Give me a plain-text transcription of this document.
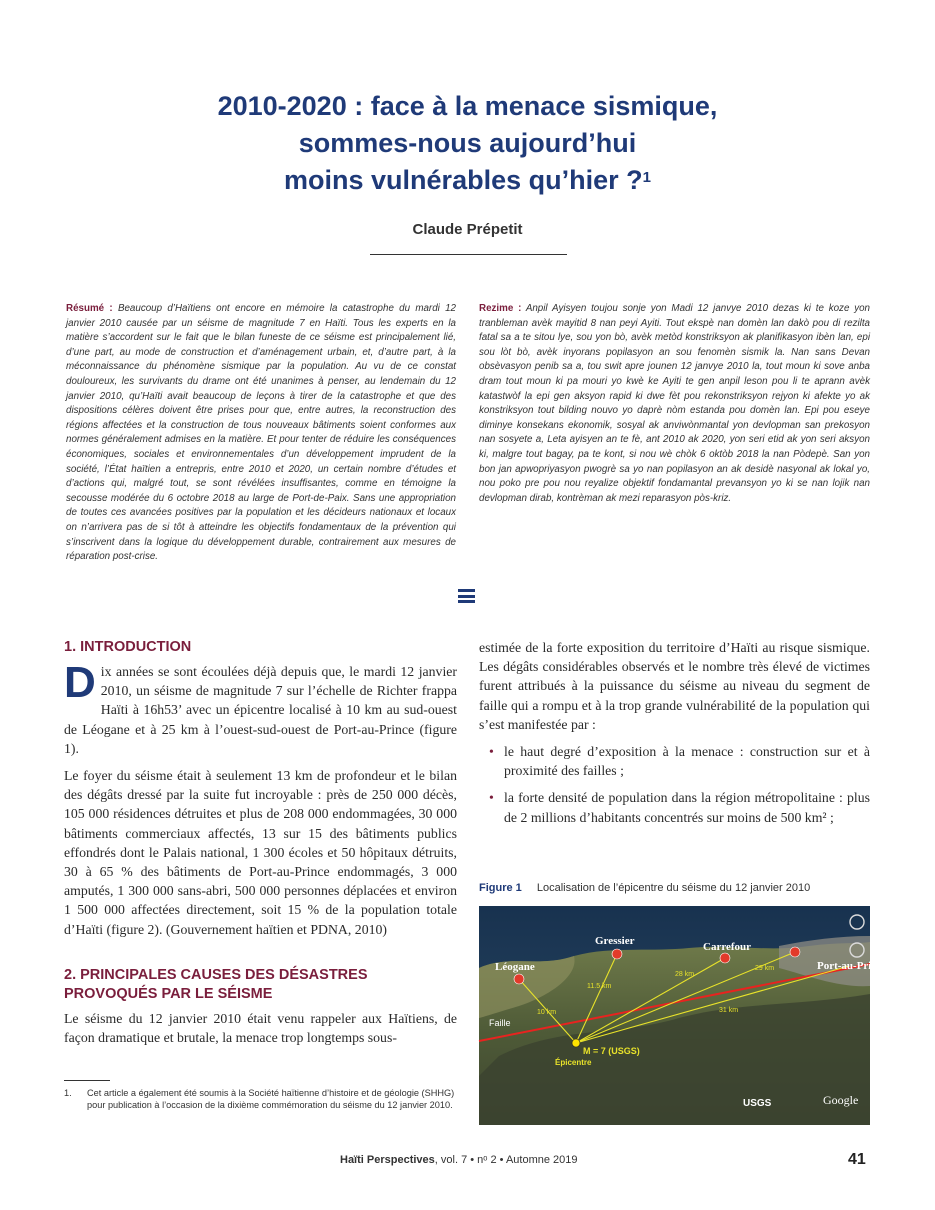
2010-2020 : face à la menace sismique,
sommes-nous aujourd’hui
moins vulnérables qu’hier ?$^1$
Claude Prépetit
Résumé : Beaucoup d’Haïtiens ont encore en mémoire la catastrophe du mardi 12 janvier 2010 causée par un séisme de magnitude 7 en Haïti. Tous les experts en la matière s’accordent sur le fait que le bilan funeste de ce séisme est principalement lié, d’une part, au mode de construction et d’aménagement urbain, et, d’autre part, à la méconnaissance du phénomène sismique par la population. Au vu de ce constat douloureux, les survivants du drame ont été unanimes à penser, au lendemain du 12 janvier 2010, qu’Haïti avait beaucoup de leçons à tirer de la catastrophe et que des dispositions célères doivent être prises pour que, entre autres, la reconstruction des régions affectées et la construction de tous nouveaux bâtiments soient conformes aux normes généralement admises en la matière. Et pour tenter de réduire les conséquences économiques, sociales et environnementales d’un développement imprudent de la société, l’État haïtien a entrepris, entre 2010 et 2020, un certain nombre d’études et d’actions qui, malgré tout, se sont révélées insuffisantes, comme en témoigne la secousse modérée du 6 octobre 2018 au large de Port-de-Paix. Sans une appropriation de toutes ces avancées positives par la population et les décideurs nationaux et locaux on n’arrivera pas de si tôt à atteindre les objectifs fondamentaux de la prévention qui s’inscrivent dans la logique du développement durable, contrairement aux mesures de réparation post-crise.
Rezime : Anpil Ayisyen toujou sonje yon Madi 12 janvye 2010 dezas ki te koze yon tranbleman avèk mayitid 8 nan peyi Ayiti. Tout ekspè nan domèn lan dakò pou di rezilta fatal sa a te sitou lye, sou yon bò, avèk metòd konstriksyon ak planifikasyon ibèn lan, epi sou lòt bò, avèk inyorans popilasyon an sou fenomèn sismik la. Nan sans Devan obsèvasyon penib sa a, tou swit apre jounen 12 janvye 2010 la, tout moun ki sove anba dram tout moun ki pa mouri yo kwè ke Ayiti te gen anpil leson pou li te aprann avèk katastwòf la epi gen aksyon rapid ki dwe fèt pou rekonstriksyon rejyon ki afekte yo ak konstriksyon tout bilding nouvo yo daprè nòm estanda pou domèn lan. Epi pou eseye diminye konsekans ekonomik, sosyal ak anviwònmantal yon devlopman san prekosyon nan sosyete a, Leta ayisyen an te fè, ant 2010 ak 2020, yon seri etid ak yon seri aksyon ki, malgre tout bagay, pa te kont, si nou wè chòk 6 oktòb 2018 la nan Pòdepè. San yon bon jan apwopriyasyon pwogrè sa yo nan popilasyon an ak desidè nasyonal ak lokal yo, nou poko pre pou nou reyalize objektif fondamantal prevansyon yo ki se nan lojik nan devlopman dirab, kontrèman ak mezi reparasyon pòs-kriz.
1. INTRODUCTION

Dix années se sont écoulées déjà depuis que, le mardi 12 janvier 2010, un séisme de magnitude 7 sur l’échelle de Richter frappa Haïti à 16h53’ avec un épicentre localisé à 10 km au sud-ouest de Léogane et à 25 km à l’ouest-sud-ouest de Port-au-Prince (figure 1).

Le foyer du séisme était à seulement 13 km de profondeur et le bilan des dégâts dressé par la suite fut incroyable : près de 250 000 décès, 105 000 résidences détruites et plus de 208 000 endommagées, 30 000 bâtiments commerciaux affectés, 13 sur 15 des bâtiments publics effondrés dont le Palais national, 1 300 écoles et 50 hôpitaux détruits, 30 à 65 % des bâtiments de Port-au-Prince endommagés, 3 000 amputés, 1 300 000 sans-abri, 500 000 personnes déplacées et environ 1 500 000 affectées directement, soit 15 % de la population totale d’Haïti (figure 2). (Gouvernement haïtien et PDNA, 2010)

2. PRINCIPALES CAUSES DES DÉSASTRES PROVOQUÉS PAR LE SÉISME

Le séisme du 12 janvier 2010 était venu rappeler aux Haïtiens, de façon dramatique et brutale, la menace trop longtemps sous-

estimée de la forte exposition du territoire d’Haïti au risque sismique. Les dégâts considérables observés et le nombre très élevé de victimes furent attribués à la puissance du séisme au niveau du segment de faille qui a rompu et à la trop grande vulnérabilité de la population qui s’est manifestée par :

• le haut degré d’exposition à la menace : construction sur et à proximité des failles ;
• la forte densité de population dans la région métropolitaine : plus de 2 millions d’habitants concentrés sur moins de 500 km² ;
Figure 1 Localisation de l’épicentre du séisme du 12 janvier 2010
Léogane
Gressier	Carrefour
Port-au-Prince
10 km
11.5 km
28 km
29 km
31 km
Faille
M = 7 (USGS)
Épicentre
USGS	Google
1.	Cet article a également été soumis à la Société haïtienne d’histoire et de géologie (SHHG) pour publication à l’occasion de la dixième commémoration du séisme du 12 janvier 2010.
Haïti Perspectives, vol. 7 • nᵒ 2 • Automne 2019	41
